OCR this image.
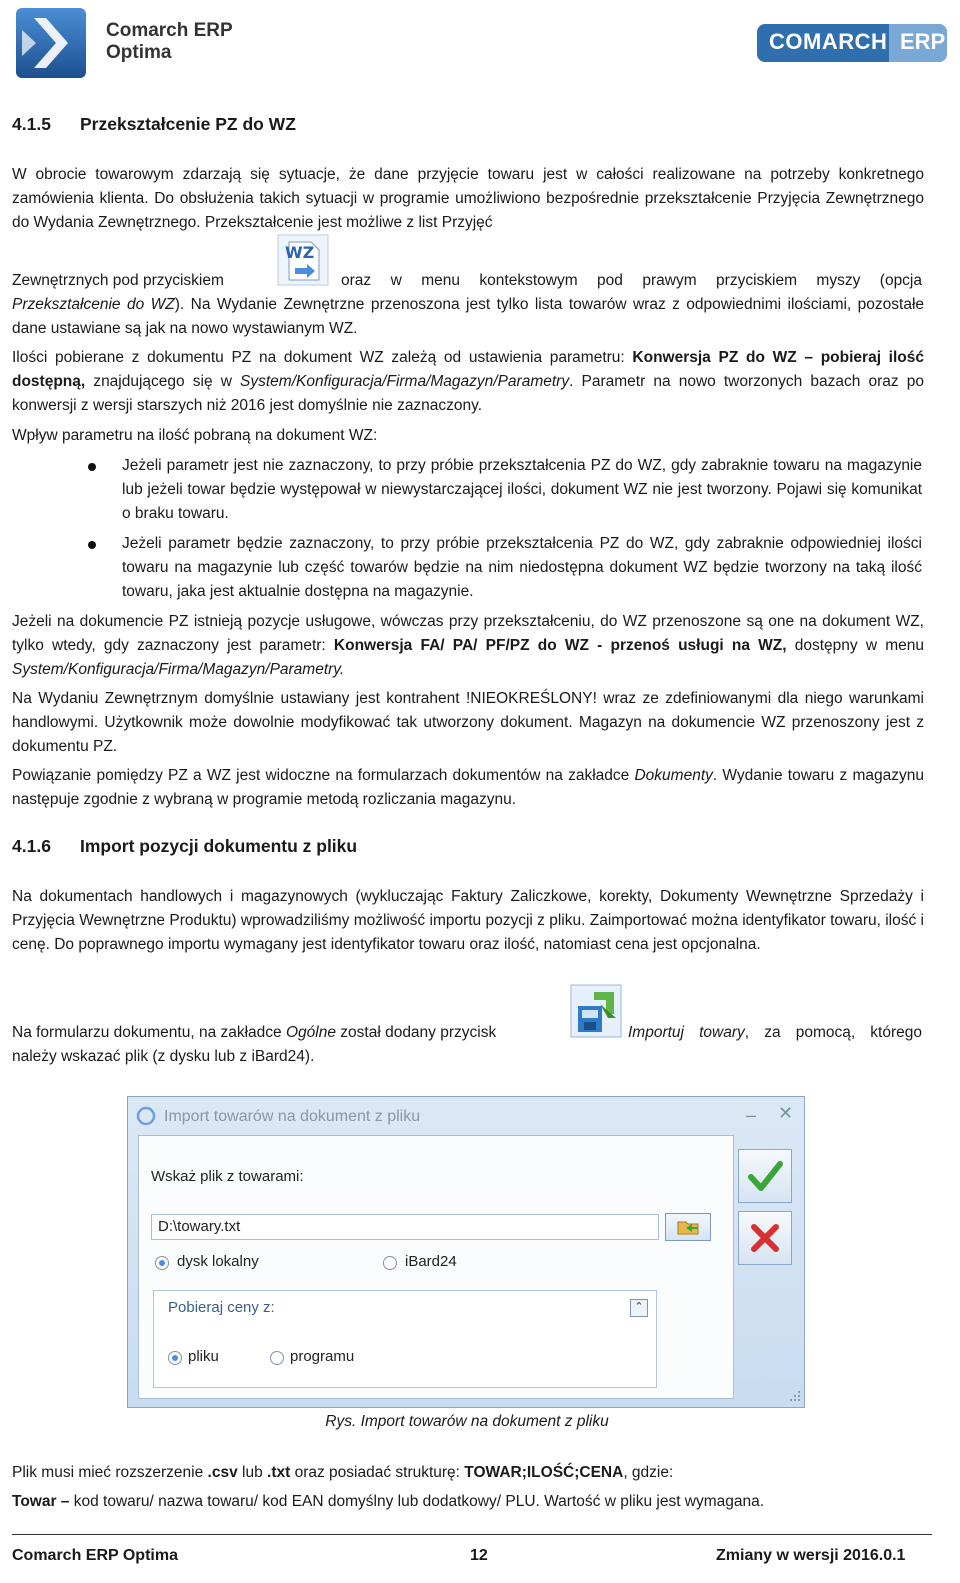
Comarch ERP
Optima	COMARCH ERP
4.1.5 Przekształcenie PZ do WZ
W obrocie towarowym zdarzają się sytuacje, że dane przyjęcie towaru jest w całości realizowane na potrzeby konkretnego zamówienia klienta. Do obsłużenia takich sytuacji w programie umożliwiono bezpośrednie przekształcenie Przyjęcia Zewnętrznego do Wydania Zewnętrznego. Przekształcenie jest możliwe z list Przyjęć
Zewnętrznych pod przyciskiem
WZ
oraz w menu kontekstowym pod prawym przyciskiem myszy (opcja
Przekształcenie do WZ). Na Wydanie Zewnętrzne przenoszona jest tylko lista towarów wraz z odpowiednimi ilościami, pozostałe dane ustawiane są jak na nowo wystawianym WZ.
Ilości pobierane z dokumentu PZ na dokument WZ zależą od ustawienia parametru: Konwersja PZ do WZ – pobieraj ilość dostępną, znajdującego się w System/Konfiguracja/Firma/Magazyn/Parametry. Parametr na nowo tworzonych bazach oraz po konwersji z wersji starszych niż 2016 jest domyślnie nie zaznaczony.
Wpływ parametru na ilość pobraną na dokument WZ:
Jeżeli parametr jest nie zaznaczony, to przy próbie przekształcenia PZ do WZ, gdy zabraknie towaru na magazynie lub jeżeli towar będzie występował w niewystarczającej ilości, dokument WZ nie jest tworzony. Pojawi się komunikat o braku towaru.
Jeżeli parametr będzie zaznaczony, to przy próbie przekształcenia PZ do WZ, gdy zabraknie odpowiedniej ilości towaru na magazynie lub część towarów będzie na nim niedostępna dokument WZ będzie tworzony na taką ilość towaru, jaka jest aktualnie dostępna na magazynie.
Jeżeli na dokumencie PZ istnieją pozycje usługowe, wówczas przy przekształceniu, do WZ przenoszone są one na dokument WZ, tylko wtedy, gdy zaznaczony jest parametr: Konwersja FA/ PA/ PF/PZ do WZ - przenoś usługi na WZ, dostępny w menu System/Konfiguracja/Firma/Magazyn/Parametry.
Na Wydaniu Zewnętrznym domyślnie ustawiany jest kontrahent !NIEOKREŚLONY! wraz ze zdefiniowanymi dla niego warunkami handlowymi. Użytkownik może dowolnie modyfikować tak utworzony dokument. Magazyn na dokumencie WZ przenoszony jest z dokumentu PZ.
Powiązanie pomiędzy PZ a WZ jest widoczne na formularzach dokumentów na zakładce Dokumenty. Wydanie towaru z magazynu następuje zgodnie z wybraną w programie metodą rozliczania magazynu.
4.1.6 Import pozycji dokumentu z pliku
Na dokumentach handlowych i magazynowych (wykluczając Faktury Zaliczkowe, korekty, Dokumenty Wewnętrzne Sprzedaży i Przyjęcia Wewnętrzne Produktu) wprowadziliśmy możliwość importu pozycji z pliku. Zaimportować można identyfikator towaru, ilość i cenę. Do poprawnego importu wymagany jest identyfikator towaru oraz ilość, natomiast cena jest opcjonalna.
Na formularzu dokumentu, na zakładce Ogólne został dodany przycisk	Importuj towary, za pomocą, którego
należy wskazać plik (z dysku lub z iBard24).
Import towarów na dokument z pliku	– ✕
Wskaż plik z towarami:
D:\towary.txt
dysk lokalny	iBard24
Pobieraj ceny z:	⌃
pliku	programu
Rys. Import towarów na dokument z pliku
Plik musi mieć rozszerzenie .csv lub .txt oraz posiadać strukturę: TOWAR;ILOŚĆ;CENA, gdzie:
Towar – kod towaru/ nazwa towaru/ kod EAN domyślny lub dodatkowy/ PLU. Wartość w pliku jest wymagana.
Comarch ERP Optima	12	Zmiany w wersji 2016.0.1
